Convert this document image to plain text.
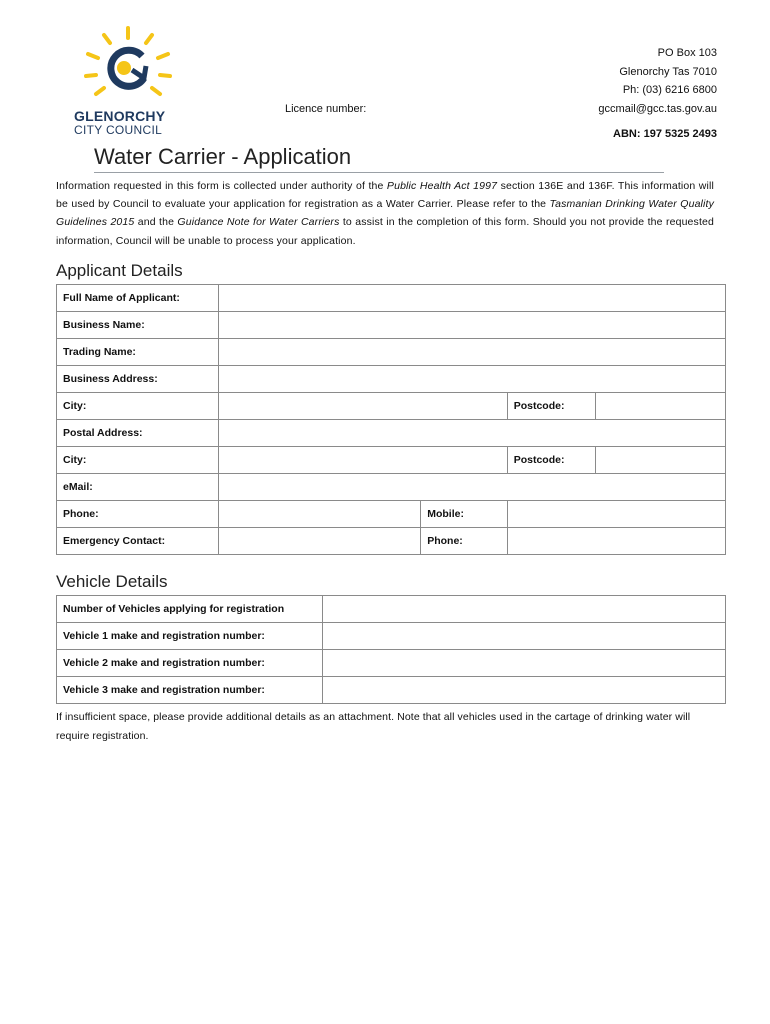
GLENORCHY
CITY COUNCIL
Licence number:
PO Box 103
Glenorchy Tas 7010
Ph: (03) 6216 6800
gccmail@gcc.tas.gov.au
ABN: 197 5325 2493
Water Carrier - Application
Information requested in this form is collected under authority of the Public Health Act 1997 section 136E and 136F. This information will be used by Council to evaluate your application for registration as a Water Carrier. Please refer to the Tasmanian Drinking Water Quality Guidelines 2015 and the Guidance Note for Water Carriers to assist in the completion of this form. Should you not provide the requested information, Council will be unable to process your application.
Applicant Details
Full Name of Applicant:				
Business Name:				
Trading Name:				
Business Address:				
City:			Postcode:	
Postal Address:				
City:			Postcode:	
eMail:				
Phone:		Mobile:		
Emergency Contact:		Phone:		
Vehicle Details
Number of Vehicles applying for registration	
Vehicle 1 make and registration number:	
Vehicle 2 make and registration number:	
Vehicle 3 make and registration number:	
If insufficient space, please provide additional details as an attachment. Note that all vehicles used in the cartage of drinking water will require registration.
